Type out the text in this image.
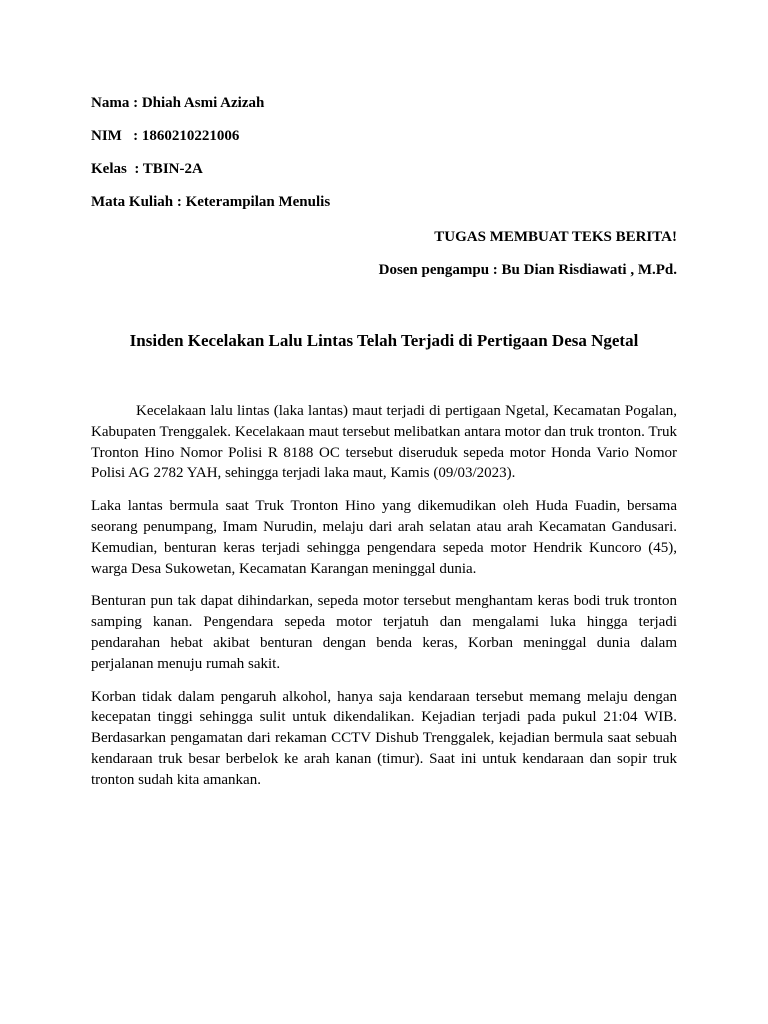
Nama : Dhiah Asmi Azizah
NIM   : 1860210221006
Kelas  : TBIN-2A
Mata Kuliah : Keterampilan Menulis
TUGAS MEMBUAT TEKS BERITA!
Dosen pengampu : Bu Dian Risdiawati , M.Pd.
Insiden Kecelakan Lalu Lintas Telah Terjadi di Pertigaan Desa Ngetal

Kecelakaan lalu lintas (laka lantas) maut terjadi di pertigaan Ngetal, Kecamatan Pogalan, Kabupaten Trenggalek. Kecelakaan maut tersebut melibatkan antara motor dan truk tronton. Truk Tronton Hino Nomor Polisi R 8188 OC tersebut diseruduk sepeda motor Honda Vario Nomor Polisi AG 2782 YAH, sehingga terjadi laka maut, Kamis (09/03/2023).

Laka lantas bermula saat Truk Tronton Hino yang dikemudikan oleh Huda Fuadin, bersama seorang penumpang, Imam Nurudin, melaju dari arah selatan atau arah Kecamatan Gandusari. Kemudian, benturan keras terjadi sehingga pengendara sepeda motor Hendrik Kuncoro (45), warga Desa Sukowetan, Kecamatan Karangan meninggal dunia.

Benturan pun tak dapat dihindarkan, sepeda motor tersebut menghantam keras bodi truk tronton samping kanan. Pengendara sepeda motor terjatuh dan mengalami luka hingga terjadi pendarahan hebat akibat benturan dengan benda keras, Korban meninggal dunia dalam perjalanan menuju rumah sakit.

Korban tidak dalam pengaruh alkohol, hanya saja kendaraan tersebut memang melaju dengan kecepatan tinggi sehingga sulit untuk dikendalikan. Kejadian terjadi pada pukul 21:04 WIB. Berdasarkan pengamatan dari rekaman CCTV Dishub Trenggalek, kejadian bermula saat sebuah kendaraan truk besar berbelok ke arah kanan (timur). Saat ini untuk kendaraan dan sopir truk tronton sudah kita amankan.
